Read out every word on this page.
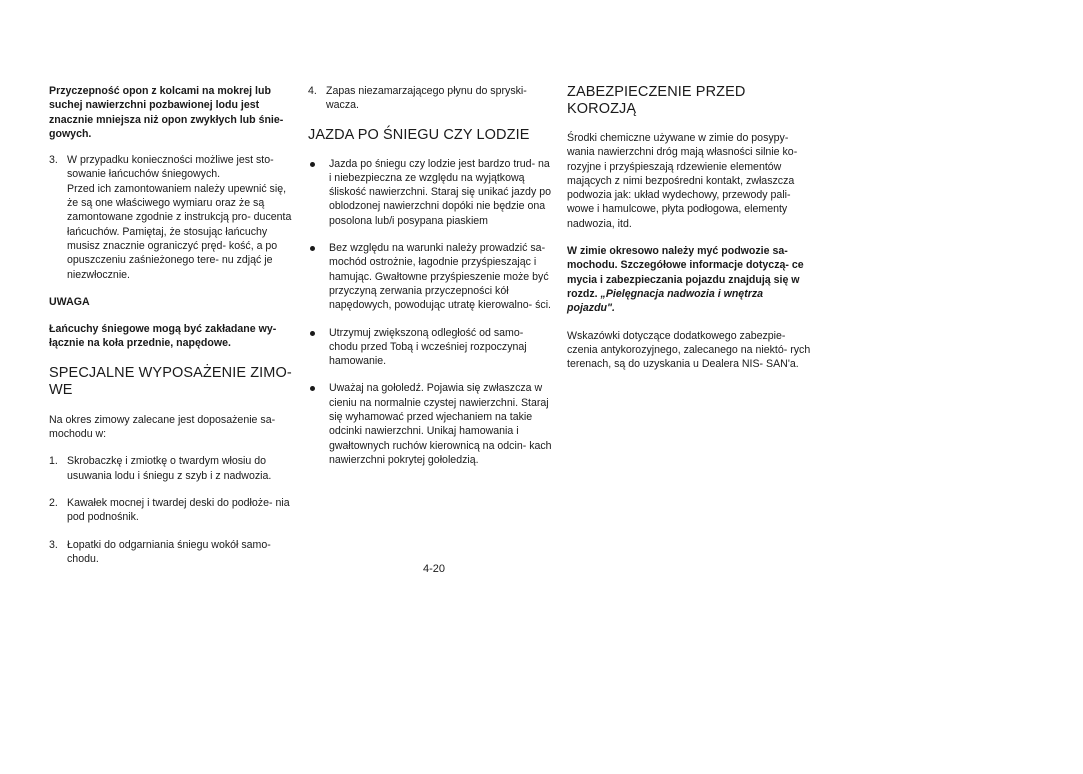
Przyczepność opon z kolcami na mokrej lub suchej nawierzchni pozbawionej lodu jest znacznie mniejsza niż opon zwykłych lub śnie- gowych.

3. W przypadku konieczności możliwe jest sto- sowanie łańcuchów śniegowych.

Przed ich zamontowaniem należy upewnić się, że są one właściwego wymiaru oraz że są zamontowane zgodnie z instrukcją pro- ducenta łańcuchów. Pamiętaj, że stosując łańcuchy musisz znacznie ograniczyć pręd- kość, a po opuszczeniu zaśnieżonego tere- nu zdjąć je niezwłocznie.

UWAGA

Łańcuchy śniegowe mogą być zakładane wy- łącznie na koła przednie, napędowe.

SPECJALNE WYPOSAŻENIE ZIMO- WE

Na okres zimowy zalecane jest doposażenie sa- mochodu w:

1. Skrobaczkę i zmiotkę o twardym włosiu do usuwania lodu i śniegu z szyb i z nadwozia.

2. Kawałek mocnej i twardej deski do podłoże- nia pod podnośnik.

3. Łopatki do odgarniania śniegu wokół samo- chodu.

4. Zapas niezamarzającego płynu do spryski- wacza.

JAZDA PO ŚNIEGU CZY LODZIE

Jazda po śniegu czy lodzie jest bardzo trud- na i niebezpieczna ze względu na wyjątkową śliskość nawierzchni. Staraj się unikać jazdy po oblodzonej nawierzchni dopóki nie będzie ona posolona lub/i posypana piaskiem

Bez względu na warunki należy prowadzić sa- mochód ostrożnie, łagodnie przyśpieszając i hamując. Gwałtowne przyśpieszenie może być przyczyną zerwania przyczepności kół napędowych, powodując utratę kierowalno- ści.

Utrzymuj zwiększoną odległość od samo- chodu przed Tobą i wcześniej rozpoczynaj hamowanie.

Uważaj na gołoledź. Pojawia się zwłaszcza w cieniu na normalnie czystej nawierzchni. Staraj się wyhamować przed wjechaniem na takie odcinki nawierzchni. Unikaj hamowania i gwałtownych ruchów kierownicą na odcin- kach nawierzchni pokrytej gołoledzią.

ZABEZPIECZENIE PRZED KOROZJĄ

Środki chemiczne używane w zimie do posypy- wania nawierzchni dróg mają własności silnie ko- rozyjne i przyśpieszają rdzewienie elementów mających z nimi bezpośredni kontakt, zwłaszcza podwozia jak: układ wydechowy, przewody pali- wowe i hamulcowe, płyta podłogowa, elementy nadwozia, itd.

W zimie okresowo należy myć podwozie sa- mochodu. Szczegółowe informacje dotyczą- ce mycia i zabezpieczania pojazdu znajdują się w rozdz. „Pielęgnacja nadwozia i wnętrza pojazdu".

Wskazówki dotyczące dodatkowego zabezpie- czenia antykorozyjnego, zalecanego na niektó- rych terenach, są do uzyskania u Dealera NIS- SAN'a.

4-20
